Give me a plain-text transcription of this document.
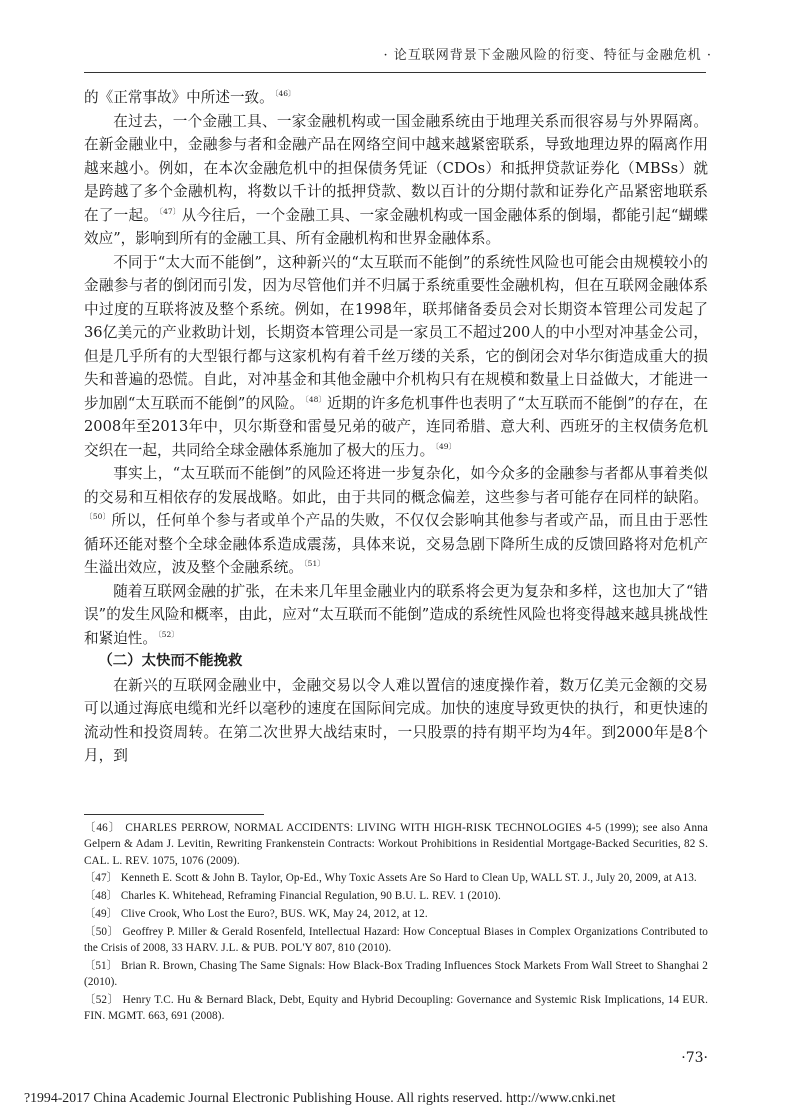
· 论互联网背景下金融风险的衍变、特征与金融危机 ·

的《正常事故》中所述一致。$^{〔46〕}$

在过去，一个金融工具、一家金融机构或一国金融系统由于地理关系而很容易与外界隔离。在新金融业中，金融参与者和金融产品在网络空间中越来越紧密联系，导致地理边界的隔离作用越来越小。例如，在本次金融危机中的担保债务凭证（CDOs）和抵押贷款证券化（MBSs）就是跨越了多个金融机构，将数以千计的抵押贷款、数以百计的分期付款和证券化产品紧密地联系在了一起。$^{〔47〕}$从今往后，一个金融工具、一家金融机构或一国金融体系的倒塌，都能引起“蝴蝶效应”，影响到所有的金融工具、所有金融机构和世界金融体系。

不同于“太大而不能倒”，这种新兴的“太互联而不能倒”的系统性风险也可能会由规模较小的金融参与者的倒闭而引发，因为尽管他们并不归属于系统重要性金融机构，但在互联网金融体系中过度的互联将波及整个系统。例如，在1998年，联邦储备委员会对长期资本管理公司发起了36亿美元的产业救助计划，长期资本管理公司是一家员工不超过200人的中小型对冲基金公司，但是几乎所有的大型银行都与这家机构有着千丝万缕的关系，它的倒闭会对华尔街造成重大的损失和普遍的恐慌。自此，对冲基金和其他金融中介机构只有在规模和数量上日益做大，才能进一步加剧“太互联而不能倒”的风险。$^{〔48〕}$近期的许多危机事件也表明了“太互联而不能倒”的存在，在2008年至2013年中，贝尔斯登和雷曼兄弟的破产，连同希腊、意大利、西班牙的主权债务危机交织在一起，共同给全球金融体系施加了极大的压力。$^{〔49〕}$

事实上，“太互联而不能倒”的风险还将进一步复杂化，如今众多的金融参与者都从事着类似的交易和互相依存的发展战略。如此，由于共同的概念偏差，这些参与者可能存在同样的缺陷。$^{〔50〕}$所以，任何单个参与者或单个产品的失败，不仅仅会影响其他参与者或产品，而且由于恶性循环还能对整个全球金融体系造成震荡，具体来说，交易急剧下降所生成的反馈回路将对危机产生溢出效应，波及整个金融系统。$^{〔51〕}$

随着互联网金融的扩张，在未来几年里金融业内的联系将会更为复杂和多样，这也加大了“错误”的发生风险和概率，由此，应对“太互联而不能倒”造成的系统性风险也将变得越来越具挑战性和紧迫性。$^{〔52〕}$

（二）太快而不能挽救

在新兴的互联网金融业中，金融交易以令人难以置信的速度操作着，数万亿美元金额的交易可以通过海底电缆和光纤以毫秒的速度在国际间完成。加快的速度导致更快的执行，和更快速的流动性和投资周转。在第二次世界大战结束时，一只股票的持有期平均为4年。到2000年是8个月，到

〔46〕 CHARLES PERROW, NORMAL ACCIDENTS: LIVING WITH HIGH-RISK TECHNOLOGIES 4-5 (1999); see also Anna Gelpern & Adam J. Levitin, Rewriting Frankenstein Contracts: Workout Prohibitions in Residential Mortgage-Backed Securities, 82 S. CAL. L. REV. 1075, 1076 (2009).

〔47〕 Kenneth E. Scott & John B. Taylor, Op-Ed., Why Toxic Assets Are So Hard to Clean Up, WALL ST. J., July 20, 2009, at A13.

〔48〕 Charles K. Whitehead, Reframing Financial Regulation, 90 B.U. L. REV. 1 (2010).

〔49〕 Clive Crook, Who Lost the Euro?, BUS. WK, May 24, 2012, at 12.

〔50〕 Geoffrey P. Miller & Gerald Rosenfeld, Intellectual Hazard: How Conceptual Biases in Complex Organizations Contributed to the Crisis of 2008, 33 HARV. J.L. & PUB. POL'Y 807, 810 (2010).

〔51〕 Brian R. Brown, Chasing The Same Signals: How Black-Box Trading Influences Stock Markets From Wall Street to Shanghai 2 (2010).

〔52〕 Henry T.C. Hu & Bernard Black, Debt, Equity and Hybrid Decoupling: Governance and Systemic Risk Implications, 14 EUR. FIN. MGMT. 663, 691 (2008).

·73·
?1994-2017 China Academic Journal Electronic Publishing House. All rights reserved. http://www.cnki.net
